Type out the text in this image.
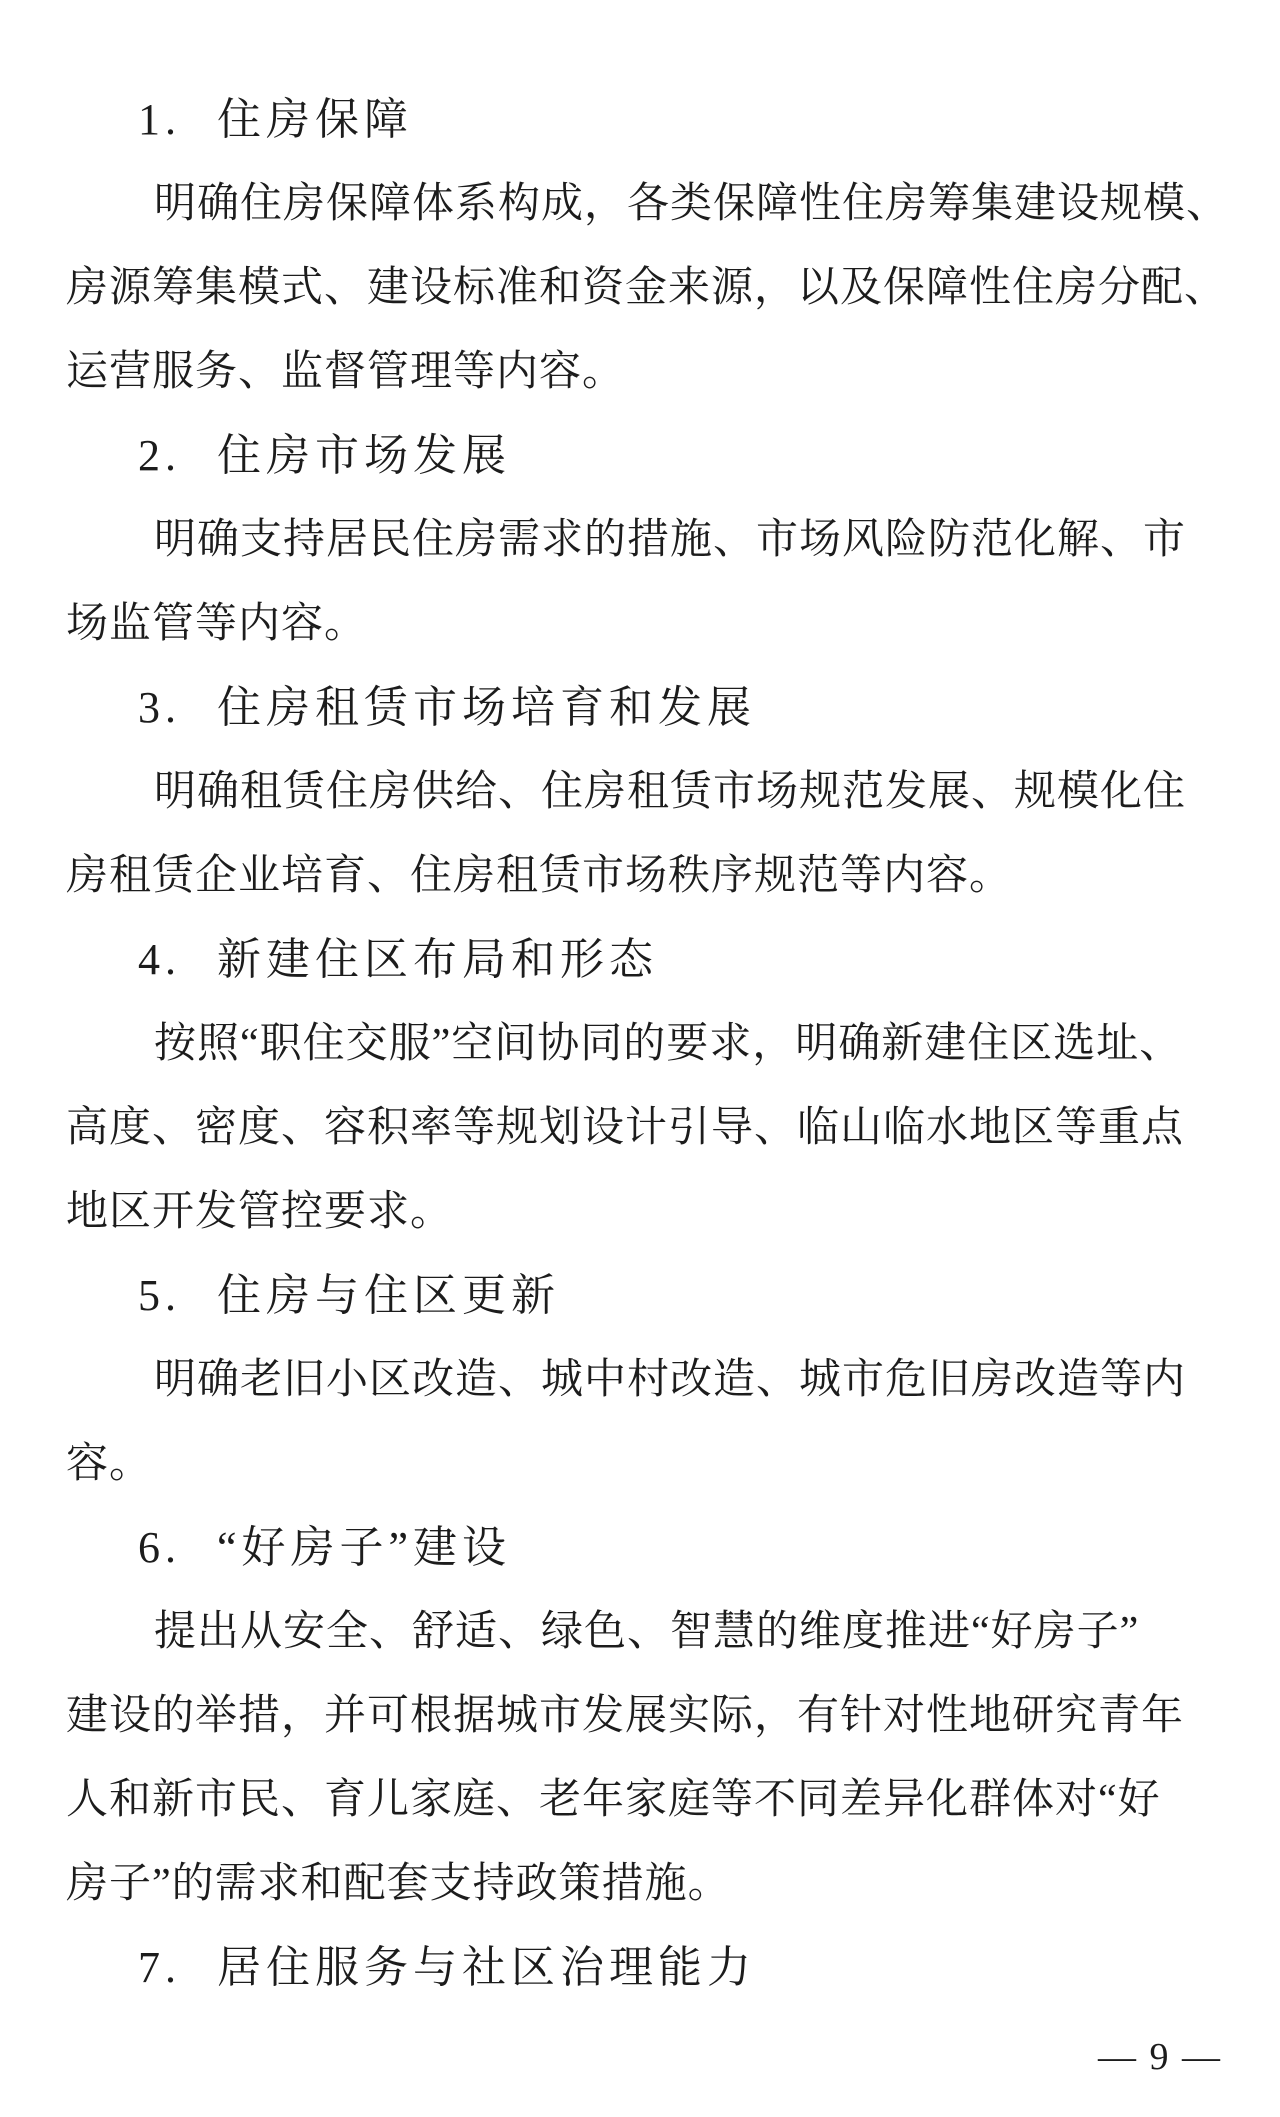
1. 住房保障
明确住房保障体系构成，各类保障性住房筹集建设规模、
房源筹集模式、建设标准和资金来源，以及保障性住房分配、
运营服务、监督管理等内容。
2. 住房市场发展
明确支持居民住房需求的措施、市场风险防范化解、市
场监管等内容。
3. 住房租赁市场培育和发展
明确租赁住房供给、住房租赁市场规范发展、规模化住
房租赁企业培育、住房租赁市场秩序规范等内容。
4. 新建住区布局和形态
按照“职住交服”空间协同的要求，明确新建住区选址、
高度、密度、容积率等规划设计引导、临山临水地区等重点
地区开发管控要求。
5. 住房与住区更新
明确老旧小区改造、城中村改造、城市危旧房改造等内
容。
6. “好房子”建设
提出从安全、舒适、绿色、智慧的维度推进“好房子”
建设的举措，并可根据城市发展实际，有针对性地研究青年
人和新市民、育儿家庭、老年家庭等不同差异化群体对“好
房子”的需求和配套支持政策措施。
7. 居住服务与社区治理能力
— 9 —
